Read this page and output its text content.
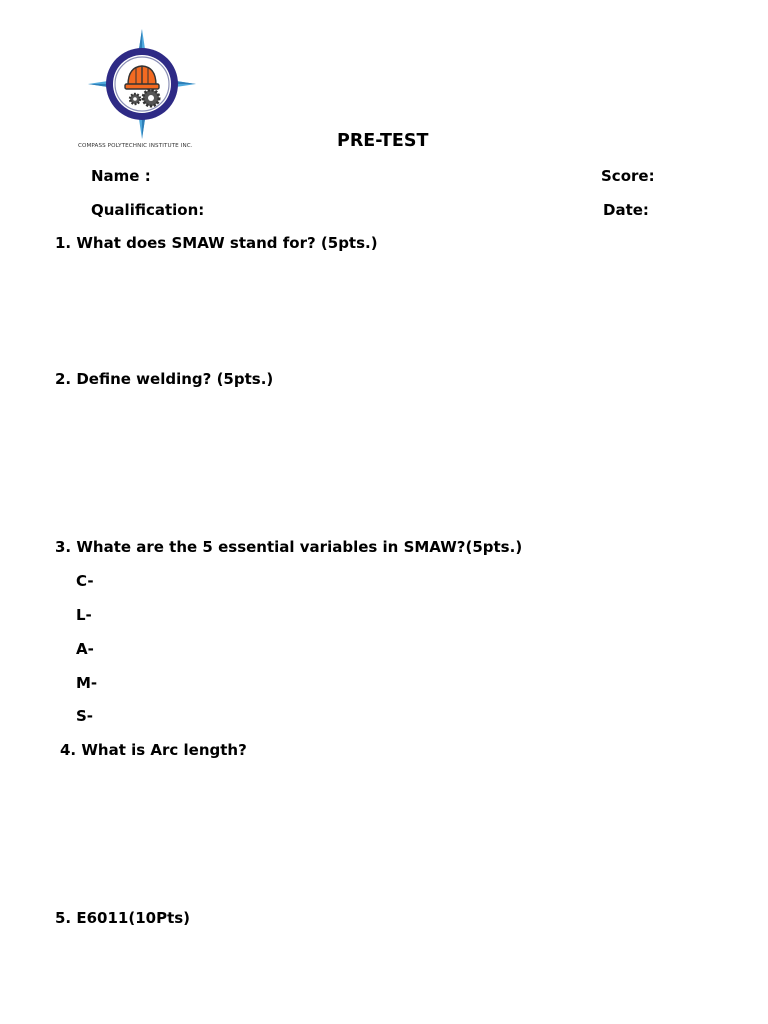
COMPASS POLYTECHNIC INSTITUTE INC.	PRE-TEST
Name :	Score:
Qualification:	Date:
1. What does SMAW stand for? (5pts.)
2. Define welding? (5pts.)
3. Whate are the 5 essential variables in SMAW?(5pts.)
C-
L-
A-
M-
S-
4. What is Arc length?
5. E6011(10Pts)
